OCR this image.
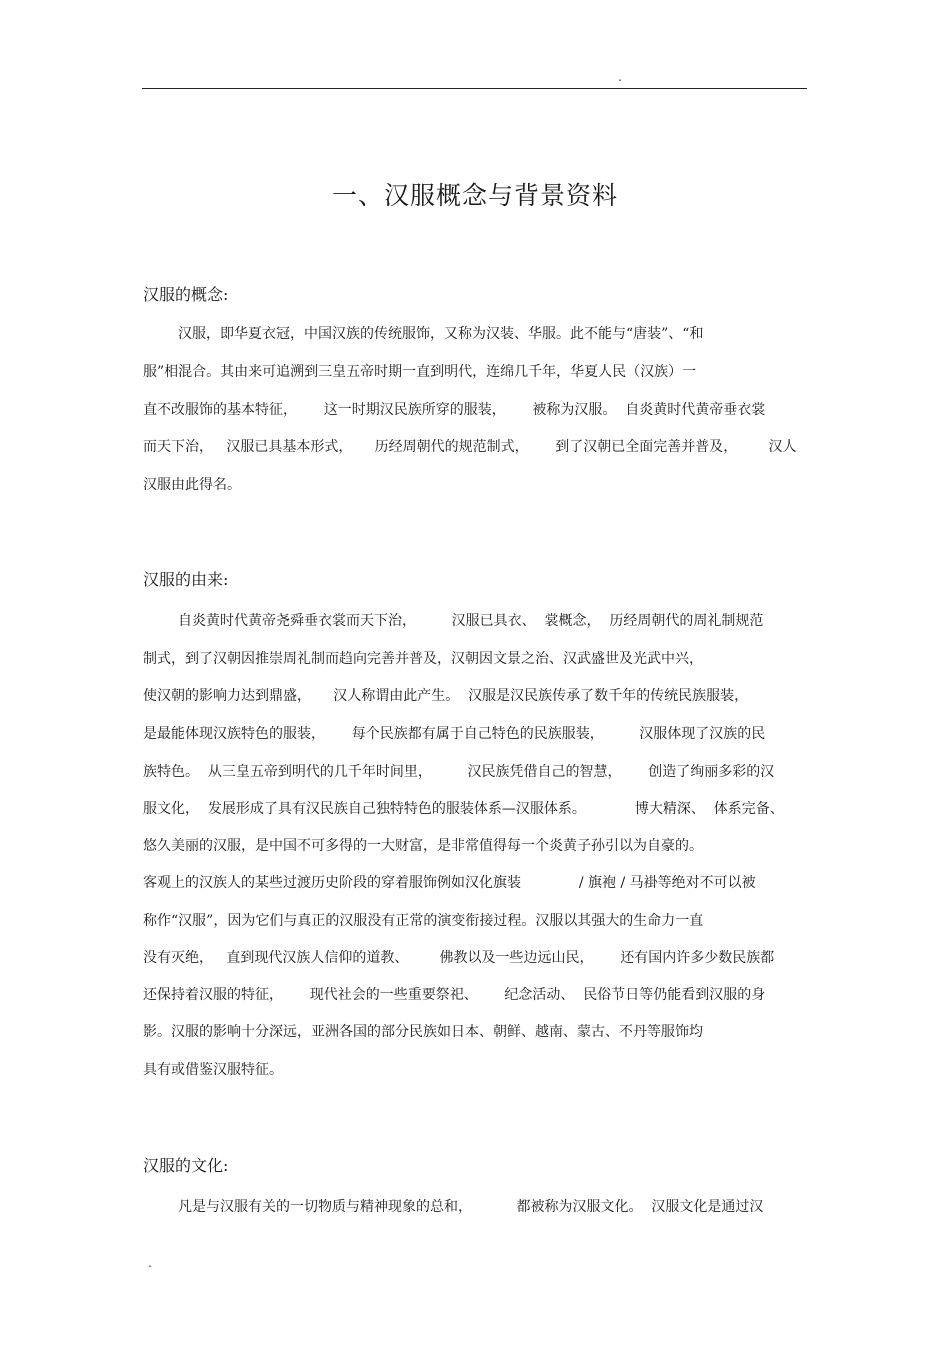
.
一、汉服概念与背景资料
汉服的概念:
汉服，即华夏衣冠，中国汉族的传统服饰，又称为汉装、华服。此不能与“唐装”、“和
服”相混合。其由来可追溯到三皇五帝时期一直到明代，连绵几千年，华夏人民（汉族）一
直不改服饰的基本特征，      这一时期汉民族所穿的服装，      被称为汉服。  自炎黄时代黄帝垂衣裳
而天下治，   汉服已具基本形式，     历经周朝代的规范制式，      到了汉朝已全面完善并普及，       汉人
汉服由此得名。
汉服的由来:
自炎黄时代黄帝尧舜垂衣裳而天下治，        汉服已具衣、  裳概念，  历经周朝代的周礼制规范
制式，到了汉朝因推崇周礼制而趋向完善并普及，汉朝因文景之治、汉武盛世及光武中兴，
使汉朝的影响力达到鼎盛，     汉人称谓由此产生。  汉服是汉民族传承了数千年的传统民族服装，
是最能体现汉族特色的服装，      每个民族都有属于自己特色的民族服装，        汉服体现了汉族的民
族特色。  从三皇五帝到明代的几千年时间里，        汉民族凭借自己的智慧，      创造了绚丽多彩的汉
服文化，  发展形成了具有汉民族自己独特特色的服装体系—汉服体系。           博大精深、  体系完备、
悠久美丽的汉服，是中国不可多得的一大财富，是非常值得每一个炎黄子孙引以为自豪的。
客观上的汉族人的某些过渡历史阶段的穿着服饰例如汉化旗装             / 旗袍 / 马褂等绝对不可以被
称作“汉服”，因为它们与真正的汉服没有正常的演变衔接过程。汉服以其强大的生命力一直
没有灭绝，   直到现代汉族人信仰的道教、       佛教以及一些边远山民，      还有国内许多少数民族都
还保持着汉服的特征，      现代社会的一些重要祭祀、      纪念活动、  民俗节日等仍能看到汉服的身
影。汉服的影响十分深远，亚洲各国的部分民族如日本、朝鲜、越南、蒙古、不丹等服饰均
具有或借鉴汉服特征。
汉服的文化:
凡是与汉服有关的一切物质与精神现象的总和，          都被称为汉服文化。  汉服文化是通过汉
.
